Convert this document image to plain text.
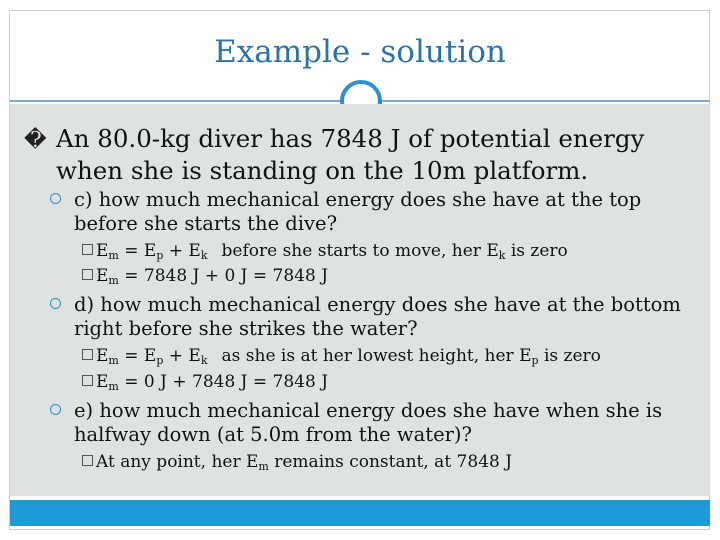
Example - solution
� An 80.0-kg diver has 7848 J of potential energy
when she is standing on the 10m platform.
c) how much mechanical energy does she have at the top
before she starts the dive?
$E_m = E_p + E_k$ before she starts to move, her $E_k$ is zero
$E_m = 7848$ J + 0 J = 7848 J
d) how much mechanical energy does she have at the bottom
right before she strikes the water?
$E_m = E_p + E_k$ as she is at her lowest height, her $E_p$ is zero
$E_m = 0$ J + 7848 J = 7848 J
e) how much mechanical energy does she have when she is
halfway down (at 5.0m from the water)?
At any point, her $E_m$ remains constant, at 7848 J
